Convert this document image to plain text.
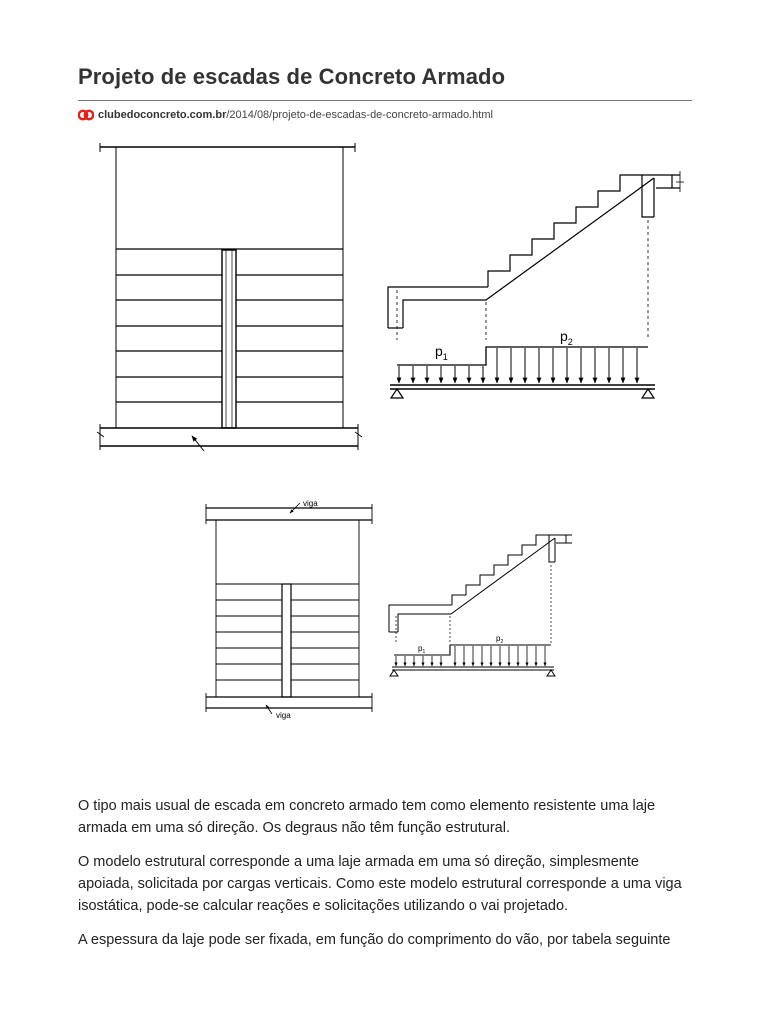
Projeto de escadas de Concreto Armado
clubedoconcreto.com.br /2014/08/projeto-de-escadas-de-concreto-armado.html
$p_1$
$p_2$
viga
viga
$p_1$
$p_2$

O tipo mais usual de escada em concreto armado tem como elemento resistente uma laje armada em uma só direção. Os degraus não têm função estrutural.

O modelo estrutural corresponde a uma laje armada em uma só direção, simplesmente apoiada, solicitada por cargas verticais. Como este modelo estrutural corresponde a uma viga isostática, pode-se calcular reações e solicitações utilizando o vai projetado.

A espessura da laje pode ser fixada, em função do comprimento do vão, por tabela seguinte
